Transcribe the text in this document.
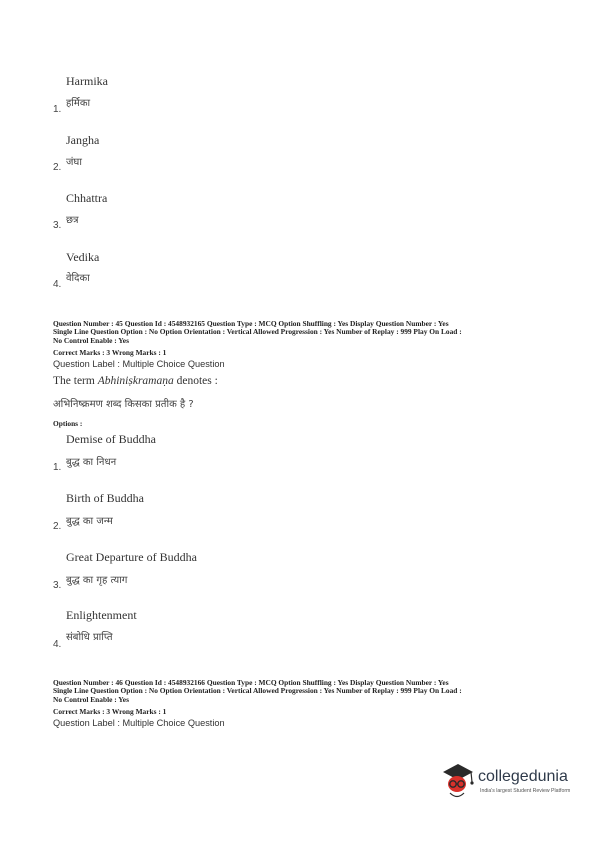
Harmika
हर्मिका
1.
Jangha
जंघा
2.
Chhattra
छत्र
3.
Vedika
वेदिका
4.
Question Number : 45 Question Id : 4548932165 Question Type : MCQ Option Shuffling : Yes Display Question Number : Yes
Single Line Question Option : No Option Orientation : Vertical Allowed Progression : Yes Number of Replay : 999 Play On Load :
No Control Enable : Yes
Correct Marks : 3 Wrong Marks : 1
Question Label : Multiple Choice Question
The term Abhiniṣkramaṇa denotes :
अभिनिष्क्रमण शब्द किसका प्रतीक है ?
Options :
Demise of Buddha
बुद्ध का निधन
1.
Birth of Buddha
बुद्ध का जन्म
2.
Great Departure of Buddha
बुद्ध का गृह त्याग
3.
Enlightenment
संबोधि प्राप्ति
4.
Question Number : 46 Question Id : 4548932166 Question Type : MCQ Option Shuffling : Yes Display Question Number : Yes
Single Line Question Option : No Option Orientation : Vertical Allowed Progression : Yes Number of Replay : 999 Play On Load :
No Control Enable : Yes
Correct Marks : 3 Wrong Marks : 1
Question Label : Multiple Choice Question
collegedunia
India's largest Student Review Platform
